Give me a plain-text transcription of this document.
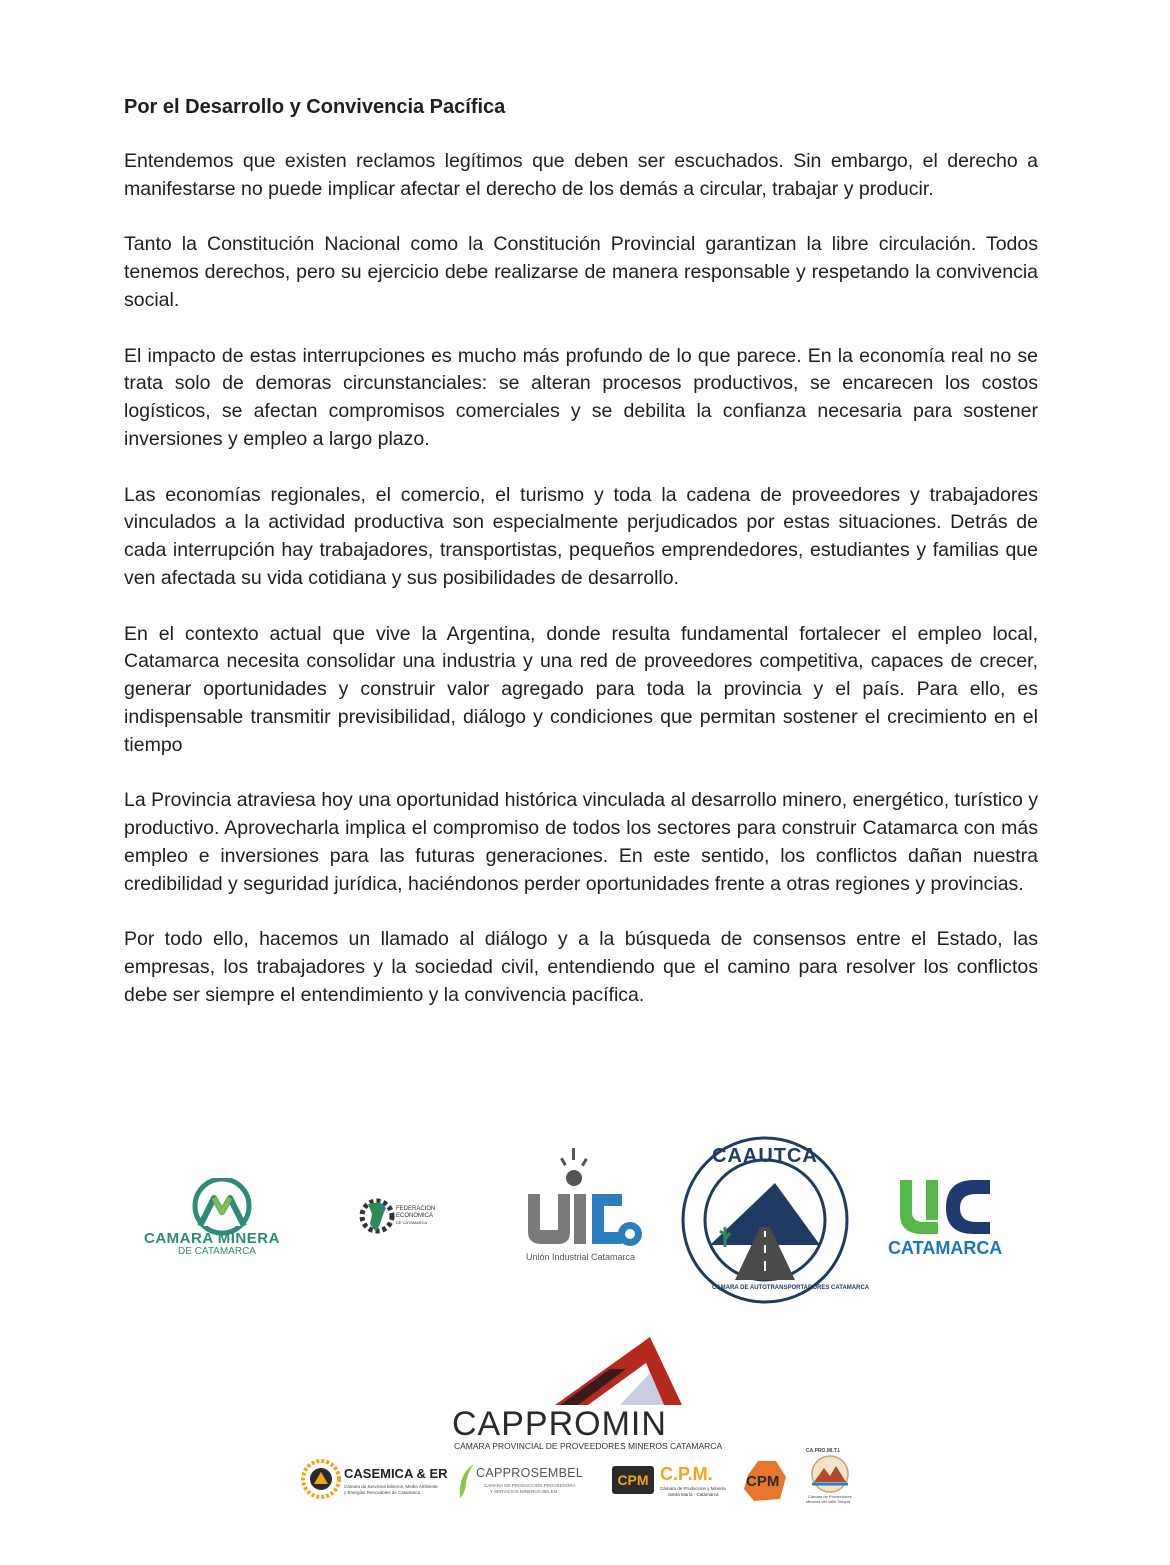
Por el Desarrollo y Convivencia Pacífica

Entendemos que existen reclamos legítimos que deben ser escuchados. Sin embargo, el derecho a manifestarse no puede implicar afectar el derecho de los demás a circular, trabajar y producir.

Tanto la Constitución Nacional como la Constitución Provincial garantizan la libre circulación. Todos tenemos derechos, pero su ejercicio debe realizarse de manera responsable y respetando la convivencia social.

El impacto de estas interrupciones es mucho más profundo de lo que parece. En la economía real no se trata solo de demoras circunstanciales: se alteran procesos productivos, se encarecen los costos logísticos, se afectan compromisos comerciales y se debilita la confianza necesaria para sostener inversiones y empleo a largo plazo.

Las economías regionales, el comercio, el turismo y toda la cadena de proveedores y trabajadores vinculados a la actividad productiva son especialmente perjudicados por estas situaciones. Detrás de cada interrupción hay trabajadores, transportistas, pequeños emprendedores, estudiantes y familias que ven afectada su vida cotidiana y sus posibilidades de desarrollo.

En el contexto actual que vive la Argentina, donde resulta fundamental fortalecer el empleo local, Catamarca necesita consolidar una industria y una red de proveedores competitiva, capaces de crecer, generar oportunidades y construir valor agregado para toda la provincia y el país. Para ello, es indispensable transmitir previsibilidad, diálogo y condiciones que permitan sostener el crecimiento en el tiempo

La Provincia atraviesa hoy una oportunidad histórica vinculada al desarrollo minero, energético, turístico y productivo. Aprovecharla implica el compromiso de todos los sectores para construir Catamarca con más empleo e inversiones para las futuras generaciones. En este sentido, los conflictos dañan nuestra credibilidad y seguridad jurídica, haciéndonos perder oportunidades frente a otras regiones y provincias.

Por todo ello, hacemos un llamado al diálogo y a la búsqueda de consensos entre el Estado, las empresas, los trabajadores y la sociedad civil, entendiendo que el camino para resolver los conflictos debe ser siempre el entendimiento y la convivencia pacífica.

CAMARA MINERA
DE CATAMARCA
FEDERACION
ECONOMICA
DE CATAMARCA
Unión Industrial Catamarca
CAAUTCA
CAMARA DE AUTOTRANSPORTADORES CATAMARCA
CATAMARCA
CAPPROMIN
CÁMARA PROVINCIAL DE PROVEEDORES MINEROS CATAMARCA
CASEMICA & ER
Cámara de Servicios Mineros, Medio Ambiente
y Energías Renovables de Catamarca
CAPPROSEMBEL
CAMARA DE PRODUCCION PROVEEDORA
Y SERVICIOS MINEROS BELEN
CPM C.P.M.
Cámara de Producción y Minería
Santa María - Catamarca
CPM
CA.PRO.MI.T.I.
Cámara de Proveedores
Mineros del Valle Vinquis
